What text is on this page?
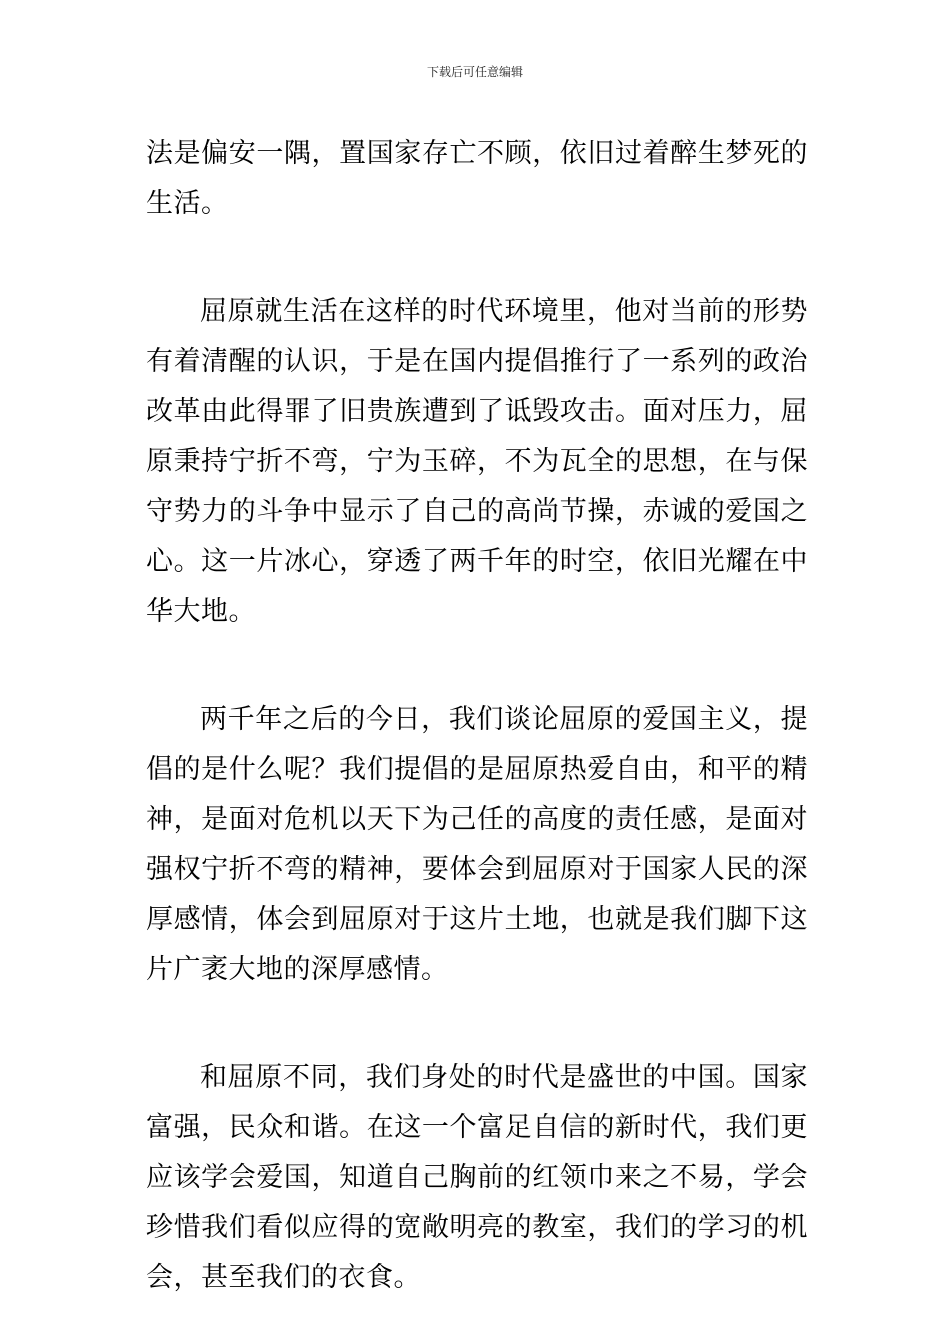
下载后可任意编辑

法是偏安一隅，置国家存亡不顾，依旧过着醉生梦死的生活。

屈原就生活在这样的时代环境里，他对当前的形势有着清醒的认识，于是在国内提倡推行了一系列的政治改革由此得罪了旧贵族遭到了诋毁攻击。面对压力，屈原秉持宁折不弯，宁为玉碎，不为瓦全的思想，在与保守势力的斗争中显示了自己的高尚节操，赤诚的爱国之心。这一片冰心，穿透了两千年的时空，依旧光耀在中华大地。

两千年之后的今日，我们谈论屈原的爱国主义，提倡的是什么呢？我们提倡的是屈原热爱自由，和平的精神，是面对危机以天下为己任的高度的责任感，是面对强权宁折不弯的精神，要体会到屈原对于国家人民的深厚感情，体会到屈原对于这片土地，也就是我们脚下这片广袤大地的深厚感情。

和屈原不同，我们身处的时代是盛世的中国。国家富强，民众和谐。在这一个富足自信的新时代，我们更应该学会爱国，知道自己胸前的红领巾来之不易，学会珍惜我们看似应得的宽敞明亮的教室，我们的学习的机会，甚至我们的衣食。
